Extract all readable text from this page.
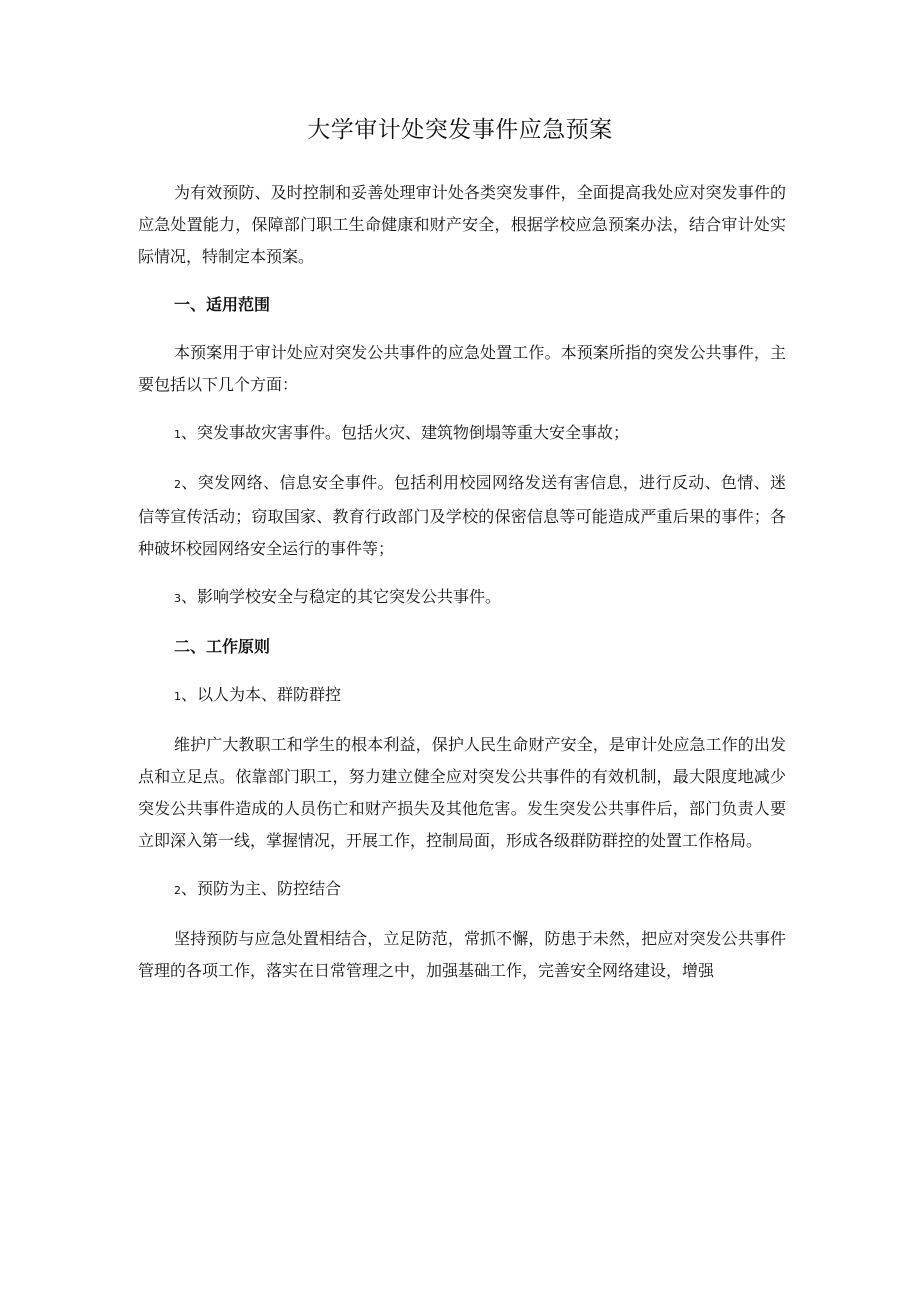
大学审计处突发事件应急预案

为有效预防、及时控制和妥善处理审计处各类突发事件，全面提高我处应对突发事件的应急处置能力，保障部门职工生命健康和财产安全，根据学校应急预案办法，结合审计处实际情况，特制定本预案。

一、适用范围

本预案用于审计处应对突发公共事件的应急处置工作。本预案所指的突发公共事件，主要包括以下几个方面：

1、突发事故灾害事件。包括火灾、建筑物倒塌等重大安全事故；

2、突发网络、信息安全事件。包括利用校园网络发送有害信息，进行反动、色情、迷信等宣传活动；窃取国家、教育行政部门及学校的保密信息等可能造成严重后果的事件；各种破坏校园网络安全运行的事件等；

3、影响学校安全与稳定的其它突发公共事件。

二、工作原则

1、以人为本、群防群控

维护广大教职工和学生的根本利益，保护人民生命财产安全，是审计处应急工作的出发点和立足点。依靠部门职工，努力建立健全应对突发公共事件的有效机制，最大限度地减少突发公共事件造成的人员伤亡和财产损失及其他危害。发生突发公共事件后，部门负责人要立即深入第一线，掌握情况，开展工作，控制局面，形成各级群防群控的处置工作格局。

2、预防为主、防控结合

坚持预防与应急处置相结合，立足防范，常抓不懈，防患于未然，把应对突发公共事件管理的各项工作，落实在日常管理之中，加强基础工作，完善安全网络建设，增强
